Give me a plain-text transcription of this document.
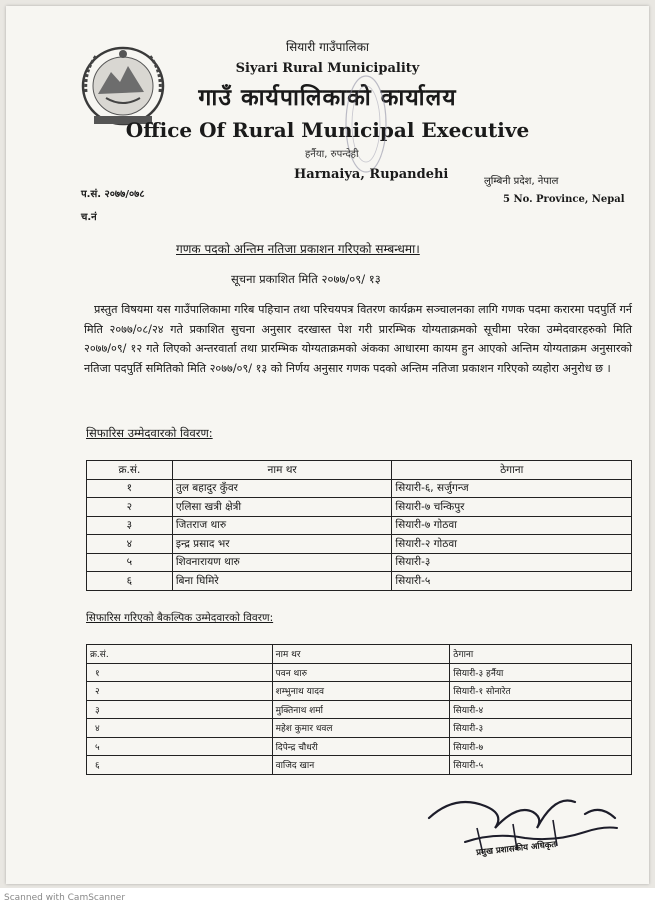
सियारी गाउँपालिका
Siyari Rural Municipality
गाउँ कार्यपालिकाको कार्यालय
Office Of Rural Municipal Executive
हर्नैया, रुपन्देही
Harnaiya, Rupandehi	लुम्बिनी प्रदेश, नेपाल
5 No. Province, Nepal
प.सं. २०७७/०७८
च.नं
गणक पदको अन्तिम नतिजा प्रकाशन गरिएको सम्बन्धमा।
सूचना प्रकाशित मिति २०७७/०९/ १३
प्रस्तुत विषयमा यस गाउँपालिकामा गरिब पहिचान तथा परिचयपत्र वितरण कार्यक्रम सञ्चालनका लागि गणक पदमा करारमा पदपुर्ति गर्न मिति २०७७/०८/२४ गते प्रकाशित सुचना अनुसार दरखास्त पेश गरी प्रारम्भिक योग्यताक्रमको सूचीमा परेका उम्मेदवारहरुको मिति २०७७/०९/ १२ गते लिएको अन्तरवार्ता तथा प्रारम्भिक योग्यताक्रमको अंकका आधारमा कायम हुन आएको अन्तिम योग्यताक्रम अनुसारको नतिजा पदपुर्ति समितिको मिति २०७७/०९/ १३ को निर्णय अनुसार गणक पदको अन्तिम नतिजा प्रकाशन गरिएको व्यहोरा अनुरोध छ ।
सिफारिस उम्मेदवारको विवरण:
क्र.सं.	नाम थर	ठेगाना
१	तुल बहादुर कुँवर	सियारी-६, सर्जुगन्ज
२	एलिसा खत्री क्षेत्री	सियारी-७ चन्किपुर
३	जितराज थारु	सियारी-७ गोठवा
४	इन्द्र प्रसाद भर	सियारी-२ गोठवा
५	शिवनारायण थारु	सियारी-३
६	बिना घिमिरे	सियारी-५
सिफारिस गरिएको बैकल्पिक उम्मेदवारको विवरण:
क्र.सं.	नाम थर	ठेगाना
१	पवन थारु	सियारी-३ हर्नैया
२	शम्भुनाथ यादव	सियारी-१ सोनारेत
३	मुक्तिनाथ शर्मा	सियारी-४
४	महेश कुमार धवल	सियारी-३
५	दिपेन्द्र चौधरी	सियारी-७
६	वाजिद खान	सियारी-५
प्रमुख प्रशासकीय अधिकृत
Scanned with CamScanner
